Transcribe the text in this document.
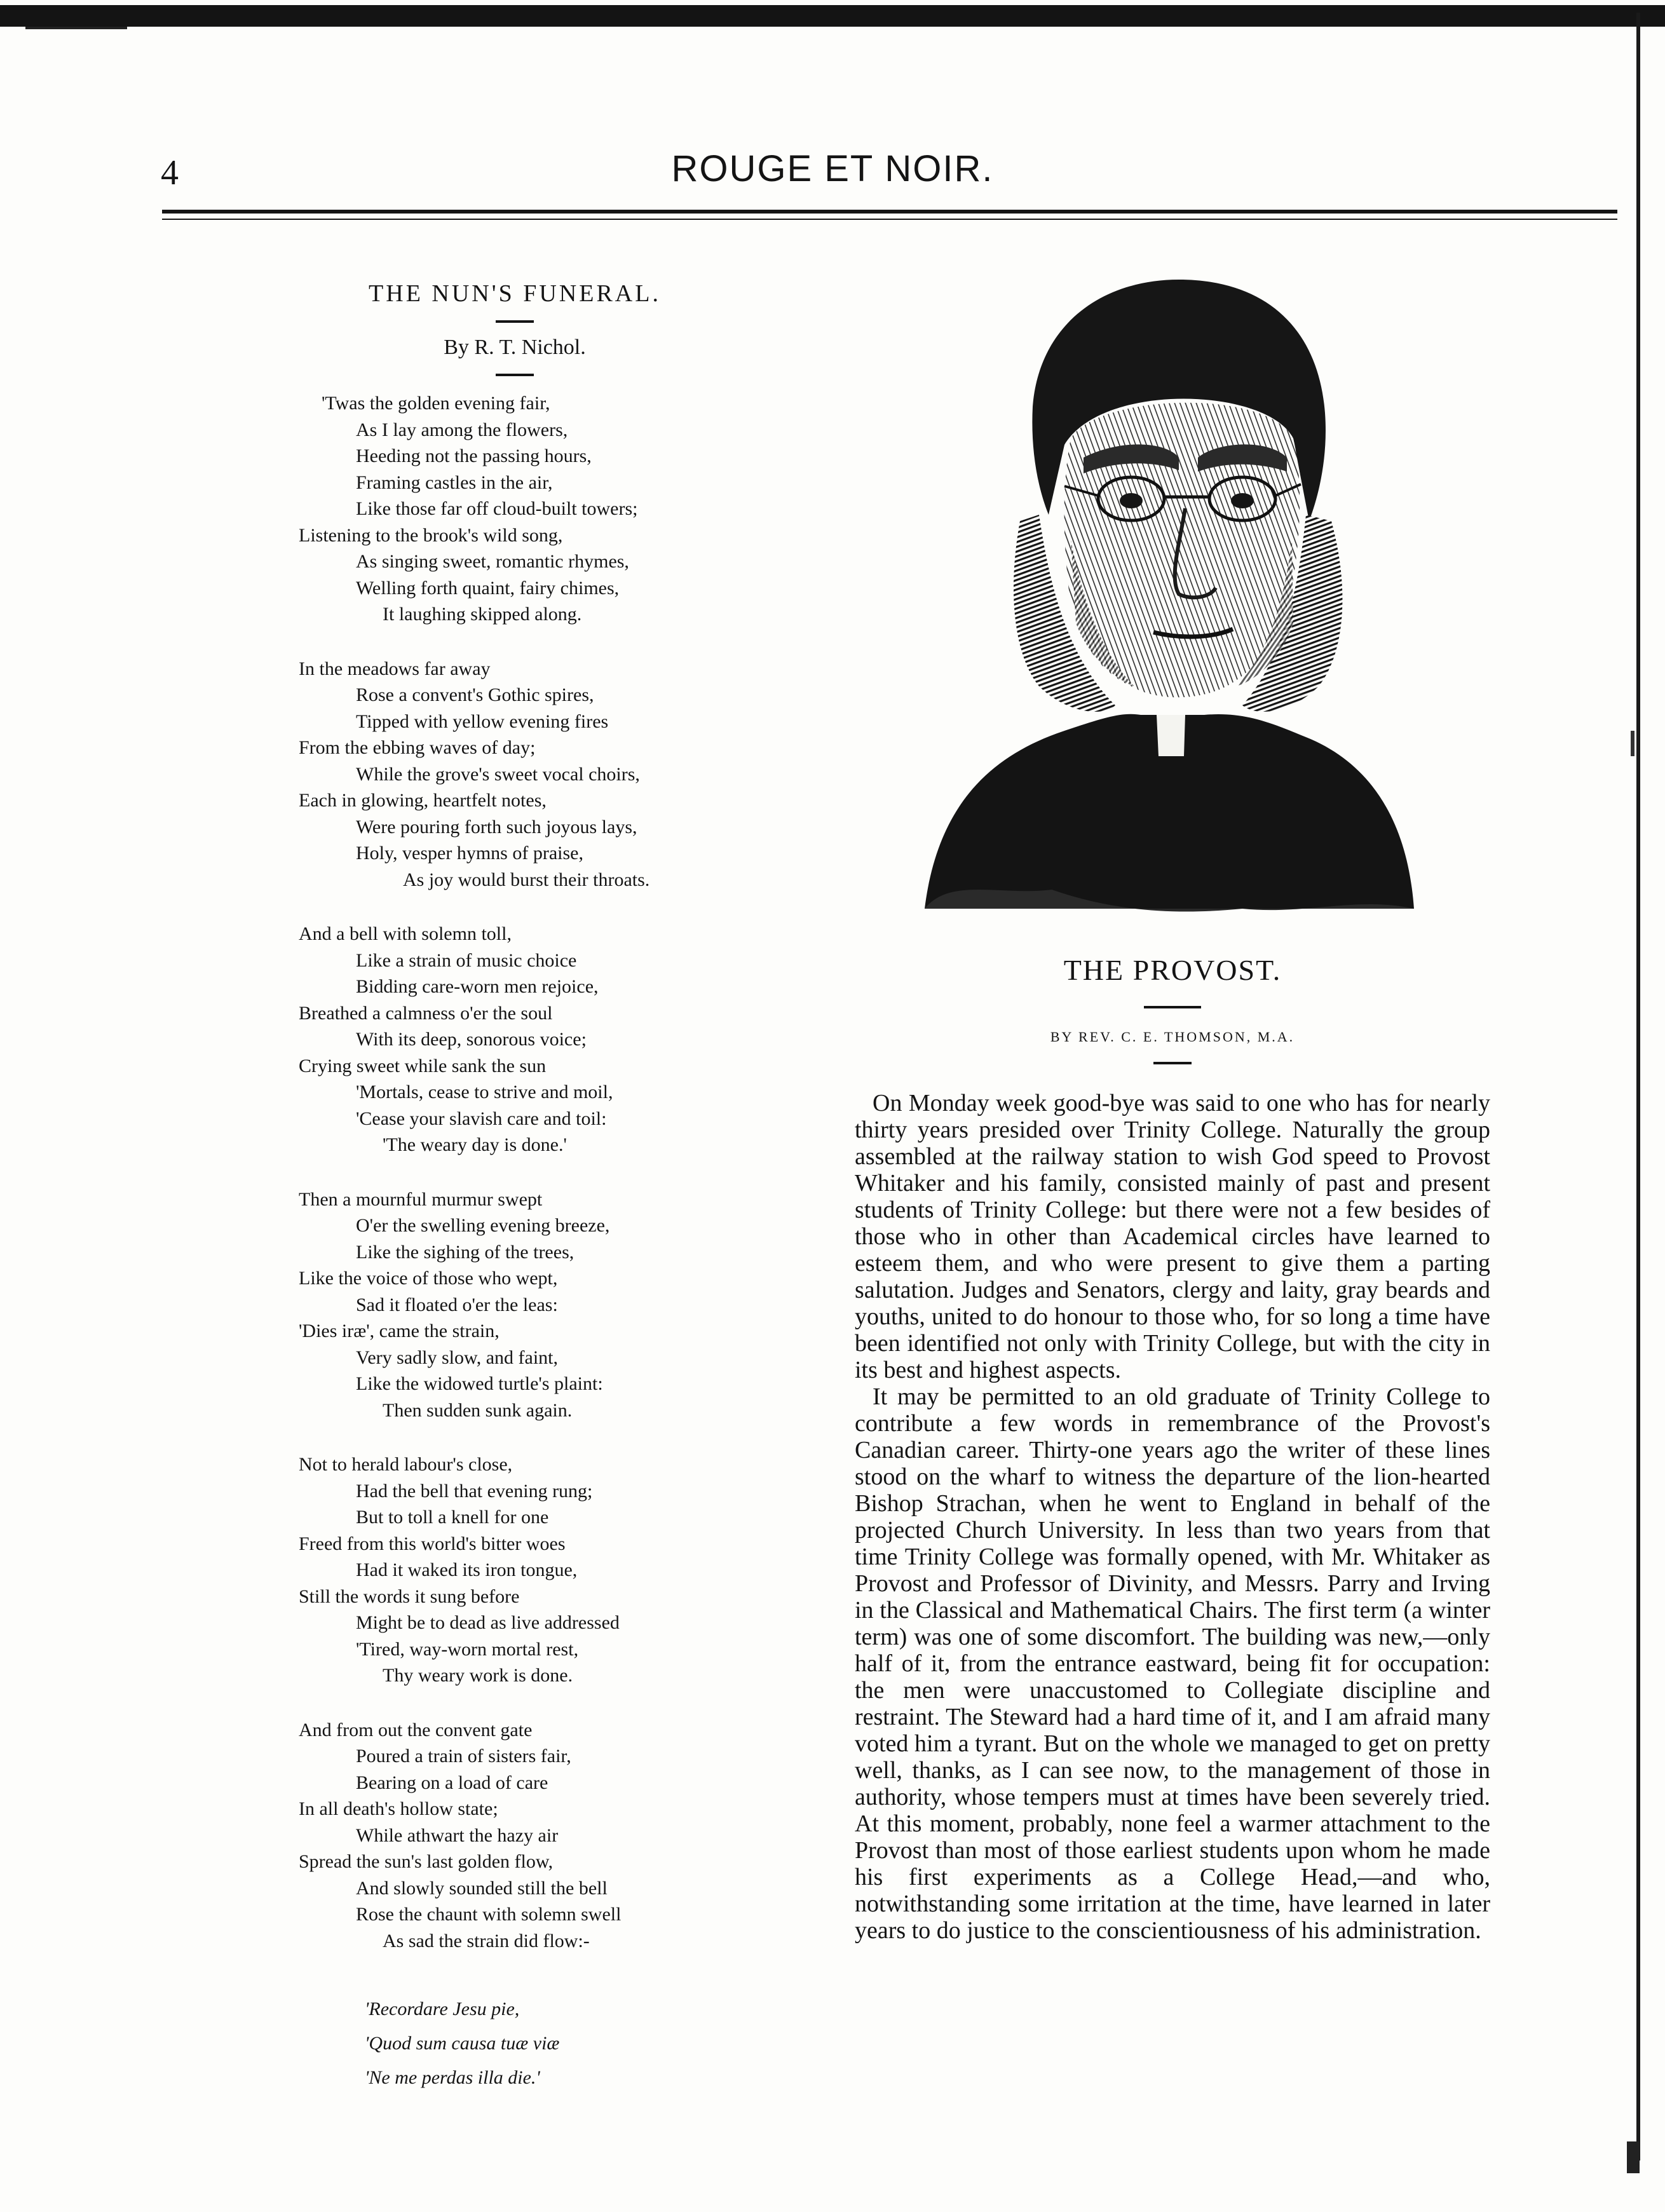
4	ROUGE ET NOIR.
THE NUN'S FUNERAL.
By R. T. Nichol.
'Twas the golden evening fair,
As I lay among the flowers,
Heeding not the passing hours,
Framing castles in the air,
Like those far off cloud-built towers;
Listening to the brook's wild song,
As singing sweet, romantic rhymes,
Welling forth quaint, fairy chimes,
It laughing skipped along.
In the meadows far away
Rose a convent's Gothic spires,
Tipped with yellow evening fires
From the ebbing waves of day;
While the grove's sweet vocal choirs,
Each in glowing, heartfelt notes,
Were pouring forth such joyous lays,
Holy, vesper hymns of praise,
As joy would burst their throats.
And a bell with solemn toll,
Like a strain of music choice
Bidding care-worn men rejoice,
Breathed a calmness o'er the soul
With its deep, sonorous voice;
Crying sweet while sank the sun
'Mortals, cease to strive and moil,
'Cease your slavish care and toil:
'The weary day is done.'
Then a mournful murmur swept
O'er the swelling evening breeze,
Like the sighing of the trees,
Like the voice of those who wept,
Sad it floated o'er the leas:
'Dies iræ', came the strain,
Very sadly slow, and faint,
Like the widowed turtle's plaint:
Then sudden sunk again.
Not to herald labour's close,
Had the bell that evening rung;
But to toll a knell for one
Freed from this world's bitter woes
Had it waked its iron tongue,
Still the words it sung before
Might be to dead as live addressed
'Tired, way-worn mortal rest,
Thy weary work is done.
And from out the convent gate
Poured a train of sisters fair,
Bearing on a load of care
In all death's hollow state;
While athwart the hazy air
Spread the sun's last golden flow,
And slowly sounded still the bell
Rose the chaunt with solemn swell
As sad the strain did flow:-
'Recordare Jesu pie,
'Quod sum causa tuæ viæ
'Ne me perdas illa die.'
THE PROVOST.
BY REV. C. E. THOMSON, M.A.

On Monday week good-bye was said to one who has for nearly thirty years presided over Trinity College. Naturally the group assembled at the railway station to wish God speed to Provost Whitaker and his family, consisted mainly of past and present students of Trinity College: but there were not a few besides of those who in other than Academical circles have learned to esteem them, and who were present to give them a parting salutation. Judges and Senators, clergy and laity, gray beards and youths, united to do honour to those who, for so long a time have been identified not only with Trinity College, but with the city in its best and highest aspects.

It may be permitted to an old graduate of Trinity College to contribute a few words in remembrance of the Provost's Canadian career. Thirty-one years ago the writer of these lines stood on the wharf to witness the departure of the lion-hearted Bishop Strachan, when he went to England in behalf of the projected Church University. In less than two years from that time Trinity College was formally opened, with Mr. Whitaker as Provost and Professor of Divinity, and Messrs. Parry and Irving in the Classical and Mathematical Chairs. The first term (a winter term) was one of some discomfort. The building was new,—only half of it, from the entrance eastward, being fit for occupation: the men were unaccustomed to Collegiate discipline and restraint. The Steward had a hard time of it, and I am afraid many voted him a tyrant. But on the whole we managed to get on pretty well, thanks, as I can see now, to the management of those in authority, whose tempers must at times have been severely tried. At this moment, probably, none feel a warmer attachment to the Provost than most of those earliest students upon whom he made his first experiments as a College Head,—and who, notwithstanding some irritation at the time, have learned in later years to do justice to the conscientiousness of his administration.
